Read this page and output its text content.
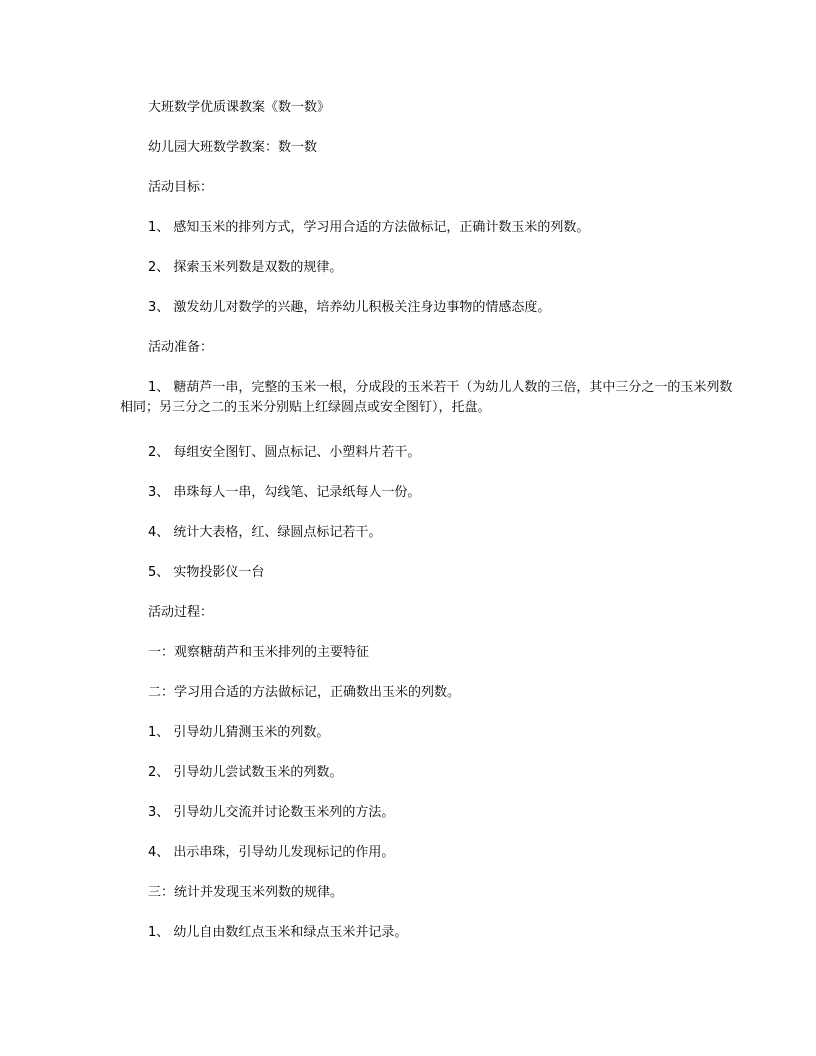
大班数学优质课教案《数一数》
幼儿园大班数学教案：数一数
活动目标：
1、 感知玉米的排列方式，学习用合适的方法做标记，正确计数玉米的列数。
2、 探索玉米列数是双数的规律。
3、 激发幼儿对数学的兴趣，培养幼儿积极关注身边事物的情感态度。
活动准备：
1、 糖葫芦一串，完整的玉米一根，分成段的玉米若干（为幼儿人数的三倍，其中三分之一的玉米列数相同；另三分之二的玉米分别贴上红绿圆点或安全图钉），托盘。
2、 每组安全图钉、圆点标记、小塑料片若干。
3、 串珠每人一串，勾线笔、记录纸每人一份。
4、 统计大表格，红、绿圆点标记若干。
5、 实物投影仪一台
活动过程：
一：观察糖葫芦和玉米排列的主要特征
二：学习用合适的方法做标记，正确数出玉米的列数。
1、 引导幼儿猜测玉米的列数。
2、 引导幼儿尝试数玉米的列数。
3、 引导幼儿交流并讨论数玉米列的方法。
4、 出示串珠，引导幼儿发现标记的作用。
三：统计并发现玉米列数的规律。
1、 幼儿自由数红点玉米和绿点玉米并记录。
